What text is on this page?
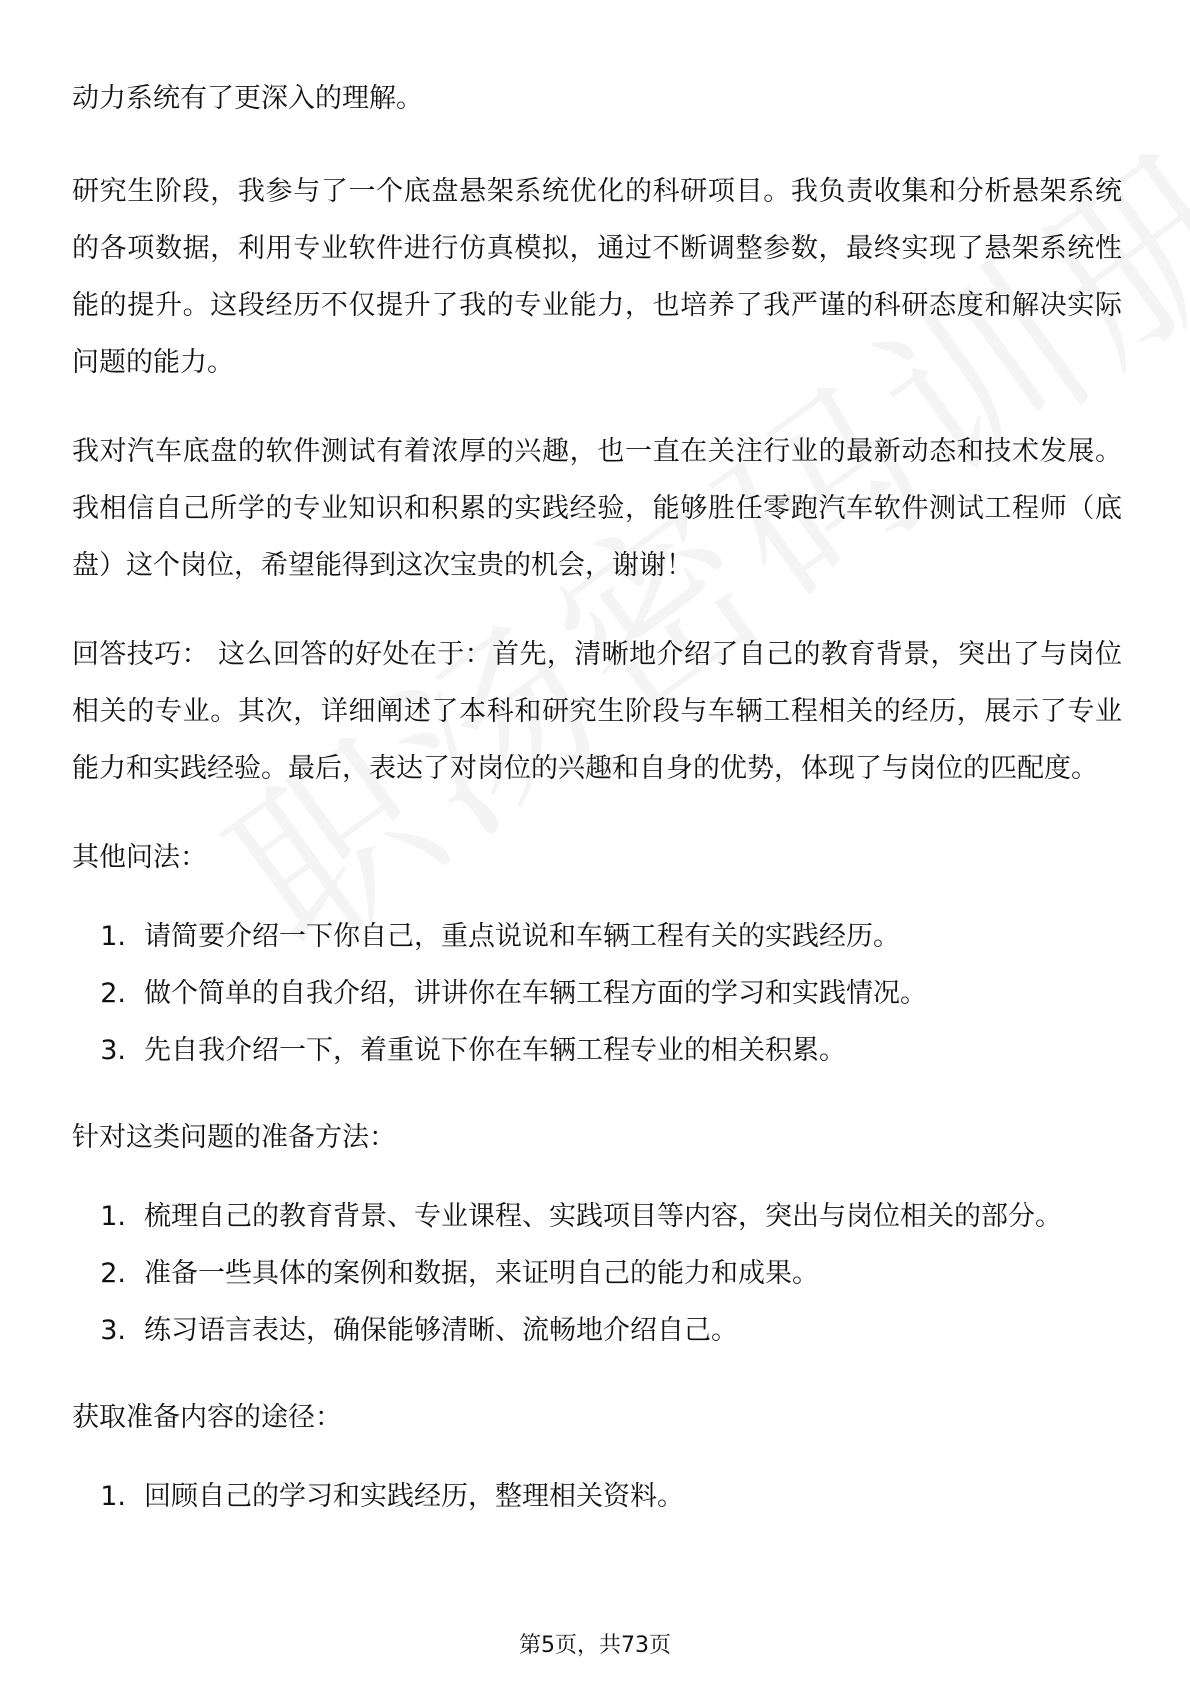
动力系统有了更深入的理解。

研究生阶段，我参与了一个底盘悬架系统优化的科研项目。我负责收集和分析悬架系统的各项数据，利用专业软件进行仿真模拟，通过不断调整参数，最终实现了悬架系统性能的提升。这段经历不仅提升了我的专业能力，也培养了我严谨的科研态度和解决实际问题的能力。

我对汽车底盘的软件测试有着浓厚的兴趣，也一直在关注行业的最新动态和技术发展。我相信自己所学的专业知识和积累的实践经验，能够胜任零跑汽车软件测试工程师（底盘）这个岗位，希望能得到这次宝贵的机会，谢谢！

回答技巧： 这么回答的好处在于：首先，清晰地介绍了自己的教育背景，突出了与岗位相关的专业。其次，详细阐述了本科和研究生阶段与车辆工程相关的经历，展示了专业能力和实践经验。最后，表达了对岗位的兴趣和自身的优势，体现了与岗位的匹配度。

其他问法：
1. 请简要介绍一下你自己，重点说说和车辆工程有关的实践经历。
2. 做个简单的自我介绍，讲讲你在车辆工程方面的学习和实践情况。
3. 先自我介绍一下，着重说下你在车辆工程专业的相关积累。
针对这类问题的准备方法：
1. 梳理自己的教育背景、专业课程、实践项目等内容，突出与岗位相关的部分。
2. 准备一些具体的案例和数据，来证明自己的能力和成果。
3. 练习语言表达，确保能够清晰、流畅地介绍自己。
获取准备内容的途径：
1. 回顾自己的学习和实践经历，整理相关资料。
第5页，共73页
